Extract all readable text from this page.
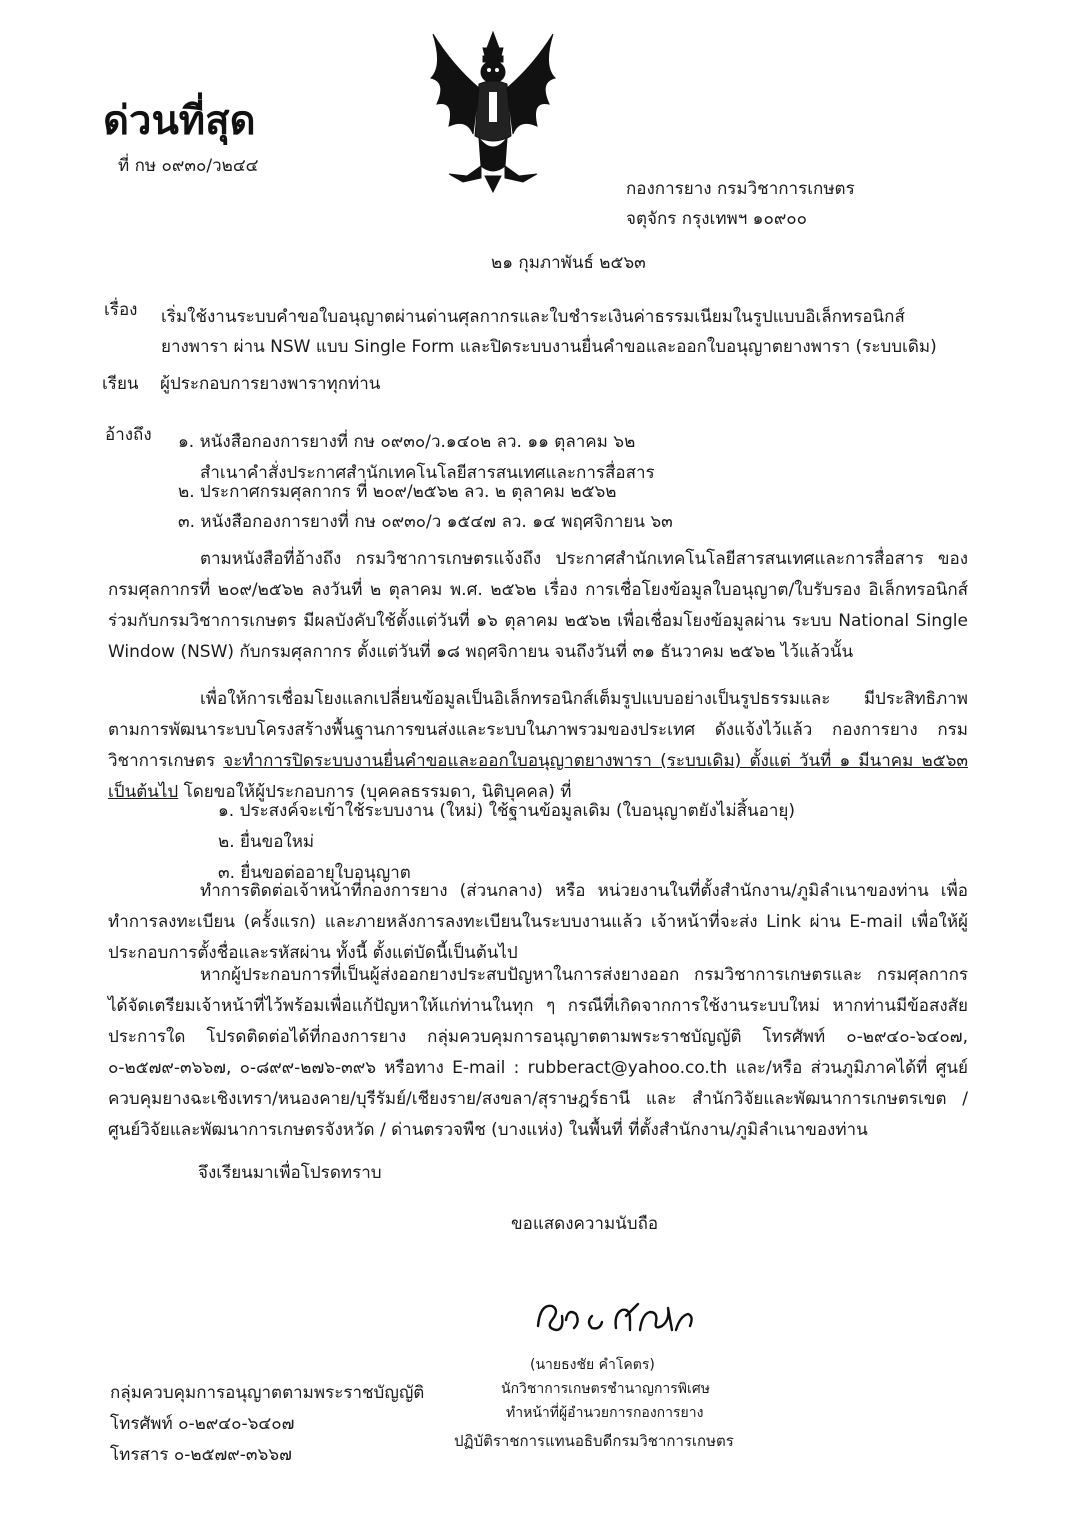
ด่วนที่สุด
ที่ กษ ๐๙๓๐/ว๒๔๔
กองการยาง กรมวิชาการเกษตร
จตุจักร กรุงเทพฯ ๑๐๙๐๐
๒๑ กุมภาพันธ์ ๒๕๖๓
เรื่อง เริ่มใช้งานระบบคำขอใบอนุญาตผ่านด่านศุลกากรและใบชำระเงินค่าธรรมเนียมในรูปแบบอิเล็กทรอนิกส์
ยางพารา ผ่าน NSW แบบ Single Form และปิดระบบงานยื่นคำขอและออกใบอนุญาตยางพารา (ระบบเดิม)
เรียน ผู้ประกอบการยางพาราทุกท่าน
อ้างถึง ๑. หนังสือกองการยางที่ กษ ๐๙๓๐/ว.๑๔๐๒ ลว. ๑๑ ตุลาคม ๖๒
สำเนาคำสั่งประกาศสำนักเทคโนโลยีสารสนเทศและการสื่อสาร
๒. ประกาศกรมศุลกากร ที่ ๒๐๙/๒๕๖๒ ลว. ๒ ตุลาคม ๒๕๖๒
๓. หนังสือกองการยางที่ กษ ๐๙๓๐/ว ๑๕๔๗ ลว. ๑๔ พฤศจิกายน ๖๓
ตามหนังสือที่อ้างถึง กรมวิชาการเกษตรแจ้งถึง ประกาศสำนักเทคโนโลยีสารสนเทศและการสื่อสาร ของกรมศุลกากรที่ ๒๐๙/๒๕๖๒ ลงวันที่ ๒ ตุลาคม พ.ศ. ๒๕๖๒ เรื่อง การเชื่อโยงข้อมูลใบอนุญาต/ใบรับรอง อิเล็กทรอนิกส์ร่วมกับกรมวิชาการเกษตร มีผลบังคับใช้ตั้งแต่วันที่ ๑๖ ตุลาคม ๒๕๖๒ เพื่อเชื่อมโยงข้อมูลผ่าน ระบบ National Single Window (NSW) กับกรมศุลกากร ตั้งแต่วันที่ ๑๘ พฤศจิกายน จนถึงวันที่ ๓๑ ธันวาคม ๒๕๖๒ ไว้แล้วนั้น
เพื่อให้การเชื่อมโยงแลกเปลี่ยนข้อมูลเป็นอิเล็กทรอนิกส์เต็มรูปแบบอย่างเป็นรูปธรรมและ มีประสิทธิภาพตามการพัฒนาระบบโครงสร้างพื้นฐานการขนส่งและระบบในภาพรวมของประเทศ ดังแจ้งไว้แล้ว กองการยาง กรมวิชาการเกษตร จะทำการปิดระบบงานยื่นคำขอและออกใบอนุญาตยางพารา (ระบบเดิม) ตั้งแต่ วันที่ ๑ มีนาคม ๒๕๖๓ เป็นต้นไป โดยขอให้ผู้ประกอบการ (บุคคลธรรมดา, นิติบุคคล) ที่
๑. ประสงค์จะเข้าใช้ระบบงาน (ใหม่) ใช้ฐานข้อมูลเดิม (ใบอนุญาตยังไม่สิ้นอายุ)
๒. ยื่นขอใหม่
๓. ยื่นขอต่ออายุใบอนุญาต
ทำการติดต่อเจ้าหน้าที่กองการยาง (ส่วนกลาง) หรือ หน่วยงานในที่ตั้งสำนักงาน/ภูมิลำเนาของท่าน เพื่อทำการลงทะเบียน (ครั้งแรก) และภายหลังการลงทะเบียนในระบบงานแล้ว เจ้าหน้าที่จะส่ง Link ผ่าน E-mail เพื่อให้ผู้ประกอบการตั้งชื่อและรหัสผ่าน ทั้งนี้ ตั้งแต่บัดนี้เป็นต้นไป
หากผู้ประกอบการที่เป็นผู้ส่งออกยางประสบปัญหาในการส่งยางออก กรมวิชาการเกษตรและ กรมศุลกากร ได้จัดเตรียมเจ้าหน้าที่ไว้พร้อมเพื่อแก้ปัญหาให้แก่ท่านในทุก ๆ กรณีที่เกิดจากการใช้งานระบบใหม่ หากท่านมีข้อสงสัยประการใด โปรดติดต่อได้ที่กองการยาง กลุ่มควบคุมการอนุญาตตามพระราชบัญญัติ โทรศัพท์ ๐-๒๙๔๐-๖๔๐๗, ๐-๒๕๗๙-๓๖๖๗, ๐-๘๙๙-๒๗๖-๓๙๖ หรือทาง E-mail : rubberact@yahoo.co.th และ/หรือ ส่วนภูมิภาคได้ที่ ศูนย์ควบคุมยางฉะเชิงเทรา/หนองคาย/บุรีรัมย์/เชียงราย/สงขลา/สุราษฎร์ธานี และ สำนักวิจัยและพัฒนาการเกษตรเขต / ศูนย์วิจัยและพัฒนาการเกษตรจังหวัด / ด่านตรวจพืช (บางแห่ง) ในพื้นที่ ที่ตั้งสำนักงาน/ภูมิลำเนาของท่าน
จึงเรียนมาเพื่อโปรดทราบ
ขอแสดงความนับถือ
(นายธงชัย คำโคตร)
นักวิชาการเกษตรชำนาญการพิเศษ
ทำหน้าที่ผู้อำนวยการกองการยาง
ปฏิบัติราชการแทนอธิบดีกรมวิชาการเกษตร
กลุ่มควบคุมการอนุญาตตามพระราชบัญญัติ
โทรศัพท์ ๐-๒๙๔๐-๖๔๐๗
โทรสาร ๐-๒๕๗๙-๓๖๖๗
